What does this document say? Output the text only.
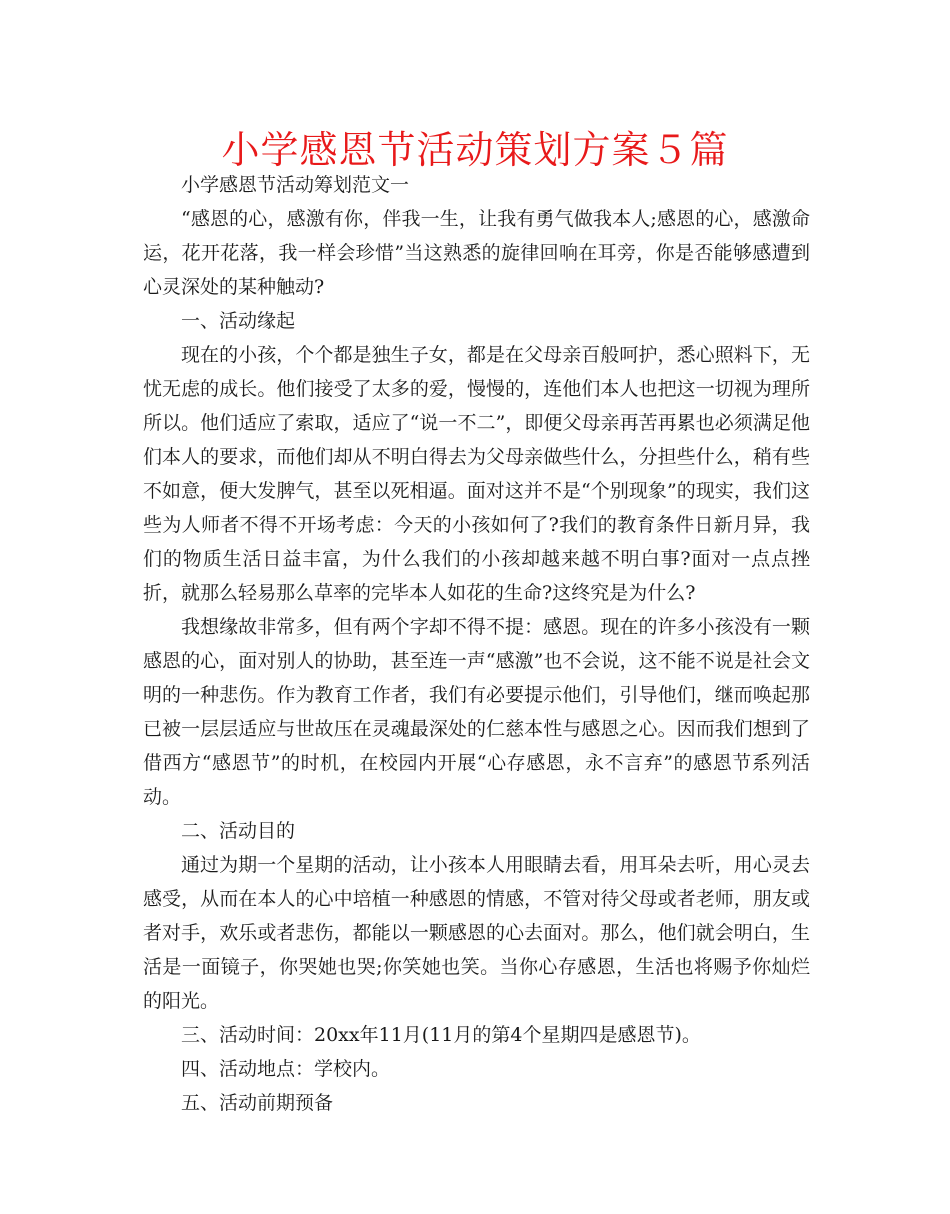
小学感恩节活动策划方案５篇

小学感恩节活动筹划范文一

“感恩的心，感激有你，伴我一生，让我有勇气做我本人;感恩的心，感激命运，花开花落，我一样会珍惜”当这熟悉的旋律回响在耳旁，你是否能够感遭到心灵深处的某种触动?

一、活动缘起

现在的小孩，个个都是独生子女，都是在父母亲百般呵护，悉心照料下，无忧无虑的成长。他们接受了太多的爱，慢慢的，连他们本人也把这一切视为理所所以。他们适应了索取，适应了“说一不二”，即便父母亲再苦再累也必须满足他们本人的要求，而他们却从不明白得去为父母亲做些什么，分担些什么，稍有些不如意，便大发脾气，甚至以死相逼。面对这并不是“个别现象”的现实，我们这些为人师者不得不开场考虑：今天的小孩如何了?我们的教育条件日新月异，我们的物质生活日益丰富，为什么我们的小孩却越来越不明白事?面对一点点挫折，就那么轻易那么草率的完毕本人如花的生命?这终究是为什么?

我想缘故非常多，但有两个字却不得不提：感恩。现在的许多小孩没有一颗感恩的心，面对别人的协助，甚至连一声“感激”也不会说，这不能不说是社会文明的一种悲伤。作为教育工作者，我们有必要提示他们，引导他们，继而唤起那已被一层层适应与世故压在灵魂最深处的仁慈本性与感恩之心。因而我们想到了借西方“感恩节”的时机，在校园内开展“心存感恩，永不言弃”的感恩节系列活动。

二、活动目的

通过为期一个星期的活动，让小孩本人用眼睛去看，用耳朵去听，用心灵去感受，从而在本人的心中培植一种感恩的情感，不管对待父母或者老师，朋友或者对手，欢乐或者悲伤，都能以一颗感恩的心去面对。那么，他们就会明白，生活是一面镜子，你哭她也哭;你笑她也笑。当你心存感恩，生活也将赐予你灿烂的阳光。

三、活动时间：20xx年11月(11月的第4个星期四是感恩节)。

四、活动地点：学校内。

五、活动前期预备
